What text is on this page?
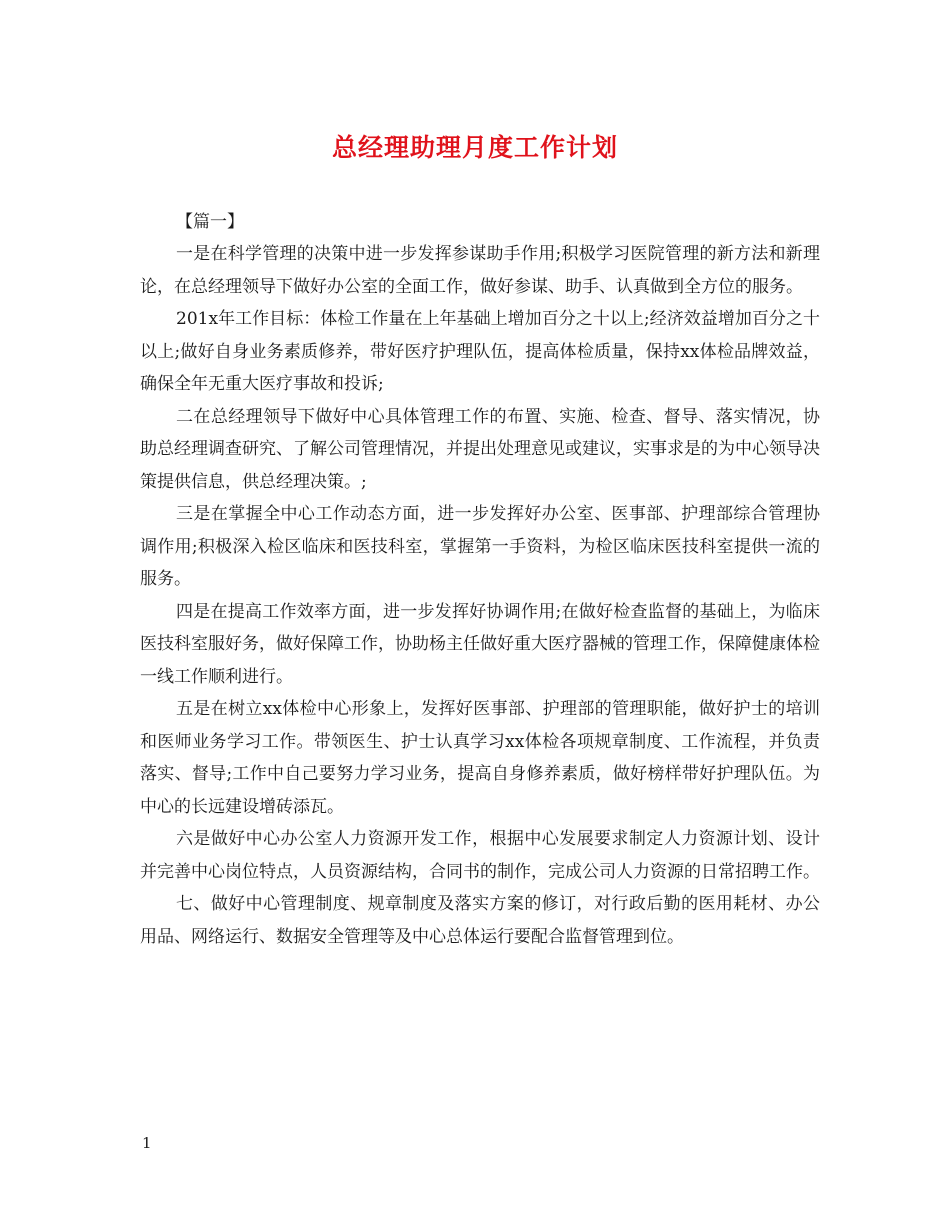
总经理助理月度工作计划

【篇一】

一是在科学管理的决策中进一步发挥参谋助手作用;积极学习医院管理的新方法和新理论，在总经理领导下做好办公室的全面工作，做好参谋、助手、认真做到全方位的服务。

201x年工作目标：体检工作量在上年基础上增加百分之十以上;经济效益增加百分之十以上;做好自身业务素质修养，带好医疗护理队伍，提高体检质量，保持xx体检品牌效益，确保全年无重大医疗事故和投诉;

二在总经理领导下做好中心具体管理工作的布置、实施、检查、督导、落实情况，协助总经理调查研究、了解公司管理情况，并提出处理意见或建议，实事求是的为中心领导决策提供信息，供总经理决策。;

三是在掌握全中心工作动态方面，进一步发挥好办公室、医事部、护理部综合管理协调作用;积极深入检区临床和医技科室，掌握第一手资料，为检区临床医技科室提供一流的服务。

四是在提高工作效率方面，进一步发挥好协调作用;在做好检查监督的基础上，为临床医技科室服好务，做好保障工作，协助杨主任做好重大医疗器械的管理工作，保障健康体检一线工作顺利进行。

五是在树立xx体检中心形象上，发挥好医事部、护理部的管理职能，做好护士的培训和医师业务学习工作。带领医生、护士认真学习xx体检各项规章制度、工作流程，并负责落实、督导;工作中自己要努力学习业务，提高自身修养素质，做好榜样带好护理队伍。为中心的长远建设增砖添瓦。

六是做好中心办公室人力资源开发工作，根据中心发展要求制定人力资源计划、设计并完善中心岗位特点，人员资源结构，合同书的制作，完成公司人力资源的日常招聘工作。

七、做好中心管理制度、规章制度及落实方案的修订，对行政后勤的医用耗材、办公用品、网络运行、数据安全管理等及中心总体运行要配合监督管理到位。

1
